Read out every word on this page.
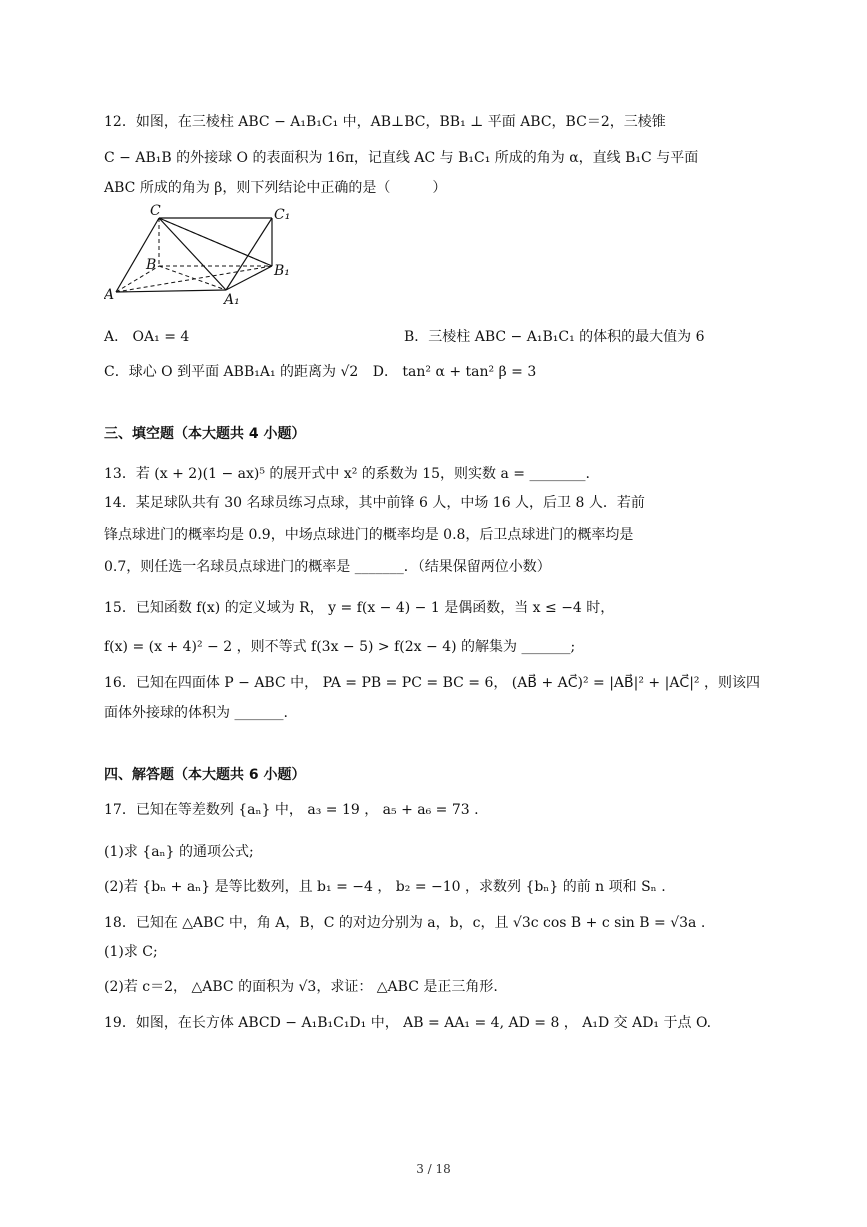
12．如图，在三棱柱 ABC − A₁B₁C₁ 中，AB⊥BC，BB₁ ⊥ 平面 ABC，BC＝2，三棱锥
C − AB₁B 的外接球 O 的表面积为 16π，记直线 AC 与 B₁C₁ 所成的角为 α，直线 B₁C 与平面
ABC 所成的角为 β，则下列结论中正确的是（　　　）
C	C₁
B	B₁
A	A₁
A． OA₁ = 4	B．三棱柱 ABC − A₁B₁C₁ 的体积的最大值为 6
C．球心 O 到平面 ABB₁A₁ 的距离为 √2 D． tan² α + tan² β = 3
三、填空题（本大题共 4 小题）
13．若 (x + 2)(1 − ax)⁵ 的展开式中 x² 的系数为 15，则实数 a = ________.
14．某足球队共有 30 名球员练习点球，其中前锋 6 人，中场 16 人，后卫 8 人．若前
锋点球进门的概率均是 0.9，中场点球进门的概率均是 0.8，后卫点球进门的概率均是
0.7，则任选一名球员点球进门的概率是 _______．（结果保留两位小数）
15．已知函数 f(x) 的定义域为 R， y = f(x − 4) − 1 是偶函数，当 x ≤ −4 时，
f(x) = (x + 4)² − 2 ，则不等式 f(3x − 5) > f(2x − 4) 的解集为 _______;
16．已知在四面体 P − ABC 中， PA = PB = PC = BC = 6， (AB⃗ + AC⃗)² = |AB⃗|² + |AC⃗|² ，则该四
面体外接球的体积为 _______.
四、解答题（本大题共 6 小题）
17．已知在等差数列 {aₙ} 中， a₃ = 19 ， a₅ + a₆ = 73 .
(1)求 {aₙ} 的通项公式;
(2)若 {bₙ + aₙ} 是等比数列，且 b₁ = −4 ， b₂ = −10 ，求数列 {bₙ} 的前 n 项和 Sₙ .
18．已知在 △ABC 中，角 A，B，C 的对边分别为 a，b，c，且 √3c cos B + c sin B = √3a .
(1)求 C;
(2)若 c＝2， △ABC 的面积为 √3，求证： △ABC 是正三角形.
19．如图，在长方体 ABCD − A₁B₁C₁D₁ 中， AB = AA₁ = 4, AD = 8 ， A₁D 交 AD₁ 于点 O.
3 / 18
